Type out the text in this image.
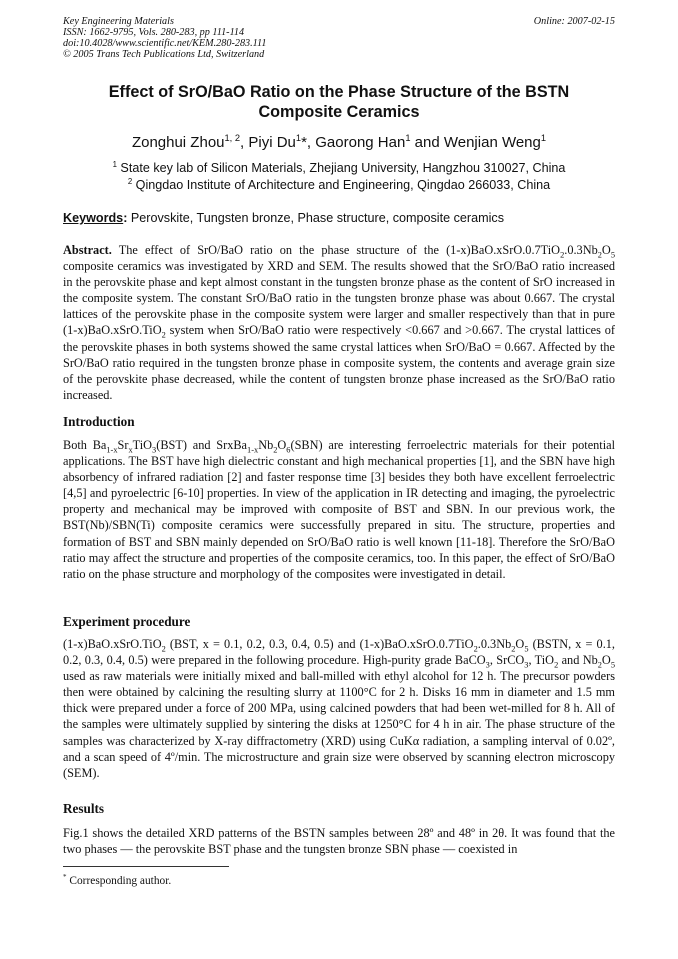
Key Engineering Materials
ISSN: 1662-9795, Vols. 280-283, pp 111-114
doi:10.4028/www.scientific.net/KEM.280-283.111
© 2005 Trans Tech Publications Ltd, Switzerland
Online: 2007-02-15
Effect of SrO/BaO Ratio on the Phase Structure of the BSTN
Composite Ceramics
Zonghui Zhou$^{1, 2}$, Piyi Du$^1$*, Gaorong Han$^1$ and Wenjian Weng$^1$
$^1$ State key lab of Silicon Materials, Zhejiang University, Hangzhou 310027, China
$^2$ Qingdao Institute of Architecture and Engineering, Qingdao 266033, China
Keywords: Perovskite, Tungsten bronze, Phase structure, composite ceramics
Abstract. The effect of SrO/BaO ratio on the phase structure of the $(1-x)BaO.xSrO.0.7TiO_2.0.3Nb_2O_5$ composite ceramics was investigated by XRD and SEM. The results showed that the SrO/BaO ratio increased in the perovskite phase and kept almost constant in the tungsten bronze phase as the content of SrO increased in the composite system. The constant SrO/BaO ratio in the tungsten bronze phase was about 0.667. The crystal lattices of the perovskite phase in the composite system were larger and smaller respectively than that in pure (1-x)BaO.xSrO.TiO$_2$ system when SrO/BaO ratio were respectively <0.667 and >0.667. The crystal lattices of the perovskite phases in both systems showed the same crystal lattices when SrO/BaO = 0.667. Affected by the SrO/BaO ratio required in the tungsten bronze phase in composite system, the contents and average grain size of the perovskite phase decreased, while the content of tungsten bronze phase increased as the SrO/BaO ratio increased.
Introduction
Both $Ba_{1-x}Sr_xTiO_3(BST)$ and $SrxBa_{1-x}Nb_2O_6(SBN)$ are interesting ferroelectric materials for their potential applications. The BST have high dielectric constant and high mechanical properties [1], and the SBN have high absorbency of infrared radiation [2] and faster response time [3] besides they both have excellent ferroelectric [4,5] and pyroelectric [6-10] properties. In view of the application in IR detecting and imaging, the pyroelectric property and mechanical may be improved with composite of BST and SBN. In our previous work, the BST(Nb)/SBN(Ti) composite ceramics were successfully prepared in situ. The structure, properties and formation of BST and SBN mainly depended on SrO/BaO ratio is well known [11-18]. Therefore the SrO/BaO ratio may affect the structure and properties of the composite ceramics, too. In this paper, the effect of SrO/BaO ratio on the phase structure and morphology of the composites were investigated in detail.
Experiment procedure
(1-x)BaO.xSrO.TiO$_2$ (BST, x = 0.1, 0.2, 0.3, 0.4, 0.5) and $(1-x)BaO.xSrO.0.7TiO_2.0.3Nb_2O_5$ (BSTN, x = 0.1, 0.2, 0.3, 0.4, 0.5) were prepared in the following procedure. High-purity grade BaCO$_3$, SrCO$_3$, TiO$_2$ and $Nb_2O_5$ used as raw materials were initially mixed and ball-milled with ethyl alcohol for 12 h. The precursor powders then were obtained by calcining the resulting slurry at 1100°C for 2 h. Disks 16 mm in diameter and 1.5 mm thick were prepared under a force of 200 MPa, using calcined powders that had been wet-milled for 8 h. All of the samples were ultimately supplied by sintering the disks at 1250°C for 4 h in air. The phase structure of the samples was characterized by X-ray diffractometry (XRD) using CuKα radiation, a sampling interval of 0.02º, and a scan speed of 4º/min. The microstructure and grain size were observed by scanning electron microscopy (SEM).
Results
Fig.1 shows the detailed XRD patterns of the BSTN samples between 28º and 48º in 2θ. It was found that the two phases — the perovskite BST phase and the tungsten bronze SBN phase — coexisted in
* Corresponding author.
